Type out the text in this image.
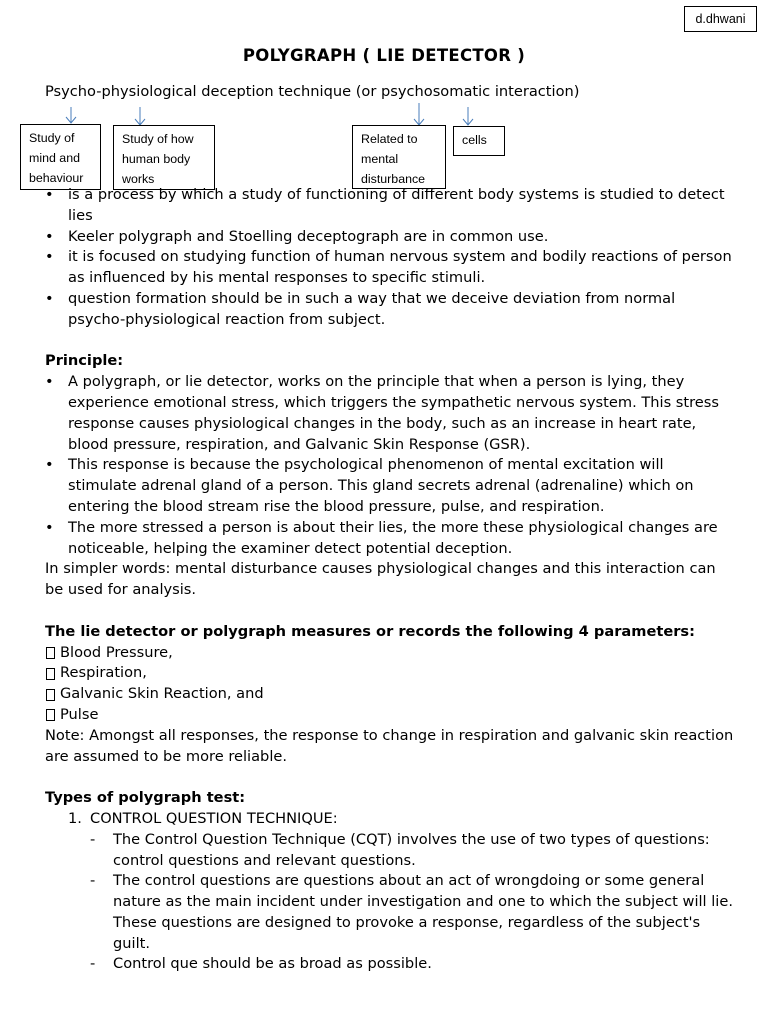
d.dhwani
POLYGRAPH ( LIE DETECTOR )
Psycho-physiological deception technique (or psychosomatic interaction)
Study of mind and behaviour
Study of how human body works
Related to mental disturbance
cells
• is a process by which a study of functioning of different body systems is studied to detect lies
• Keeler polygraph and Stoelling deceptograph are in common use.
• it is focused on studying function of human nervous system and bodily reactions of person as influenced by his mental responses to specific stimuli.
• question formation should be in such a way that we deceive deviation from normal psycho-physiological reaction from subject.
Principle:
• A polygraph, or lie detector, works on the principle that when a person is lying, they experience emotional stress, which triggers the sympathetic nervous system. This stress response causes physiological changes in the body, such as an increase in heart rate, blood pressure, respiration, and Galvanic Skin Response (GSR).
• This response is because the psychological phenomenon of mental excitation will stimulate adrenal gland of a person. This gland secrets adrenal (adrenaline) which on entering the blood stream rise the blood pressure, pulse, and respiration.
• The more stressed a person is about their lies, the more these physiological changes are noticeable, helping the examiner detect potential deception.
In simpler words: mental disturbance causes physiological changes and this interaction can be used for analysis.
The lie detector or polygraph measures or records the following 4 parameters:
Blood Pressure,
Respiration,
Galvanic Skin Reaction, and
Pulse
Note: Amongst all responses, the response to change in respiration and galvanic skin reaction are assumed to be more reliable.
Types of polygraph test:
1. CONTROL QUESTION TECHNIQUE:
- The Control Question Technique (CQT) involves the use of two types of questions: control questions and relevant questions.
- The control questions are questions about an act of wrongdoing or some general nature as the main incident under investigation and one to which the subject will lie. These questions are designed to provoke a response, regardless of the subject's guilt.
- Control que should be as broad as possible.
